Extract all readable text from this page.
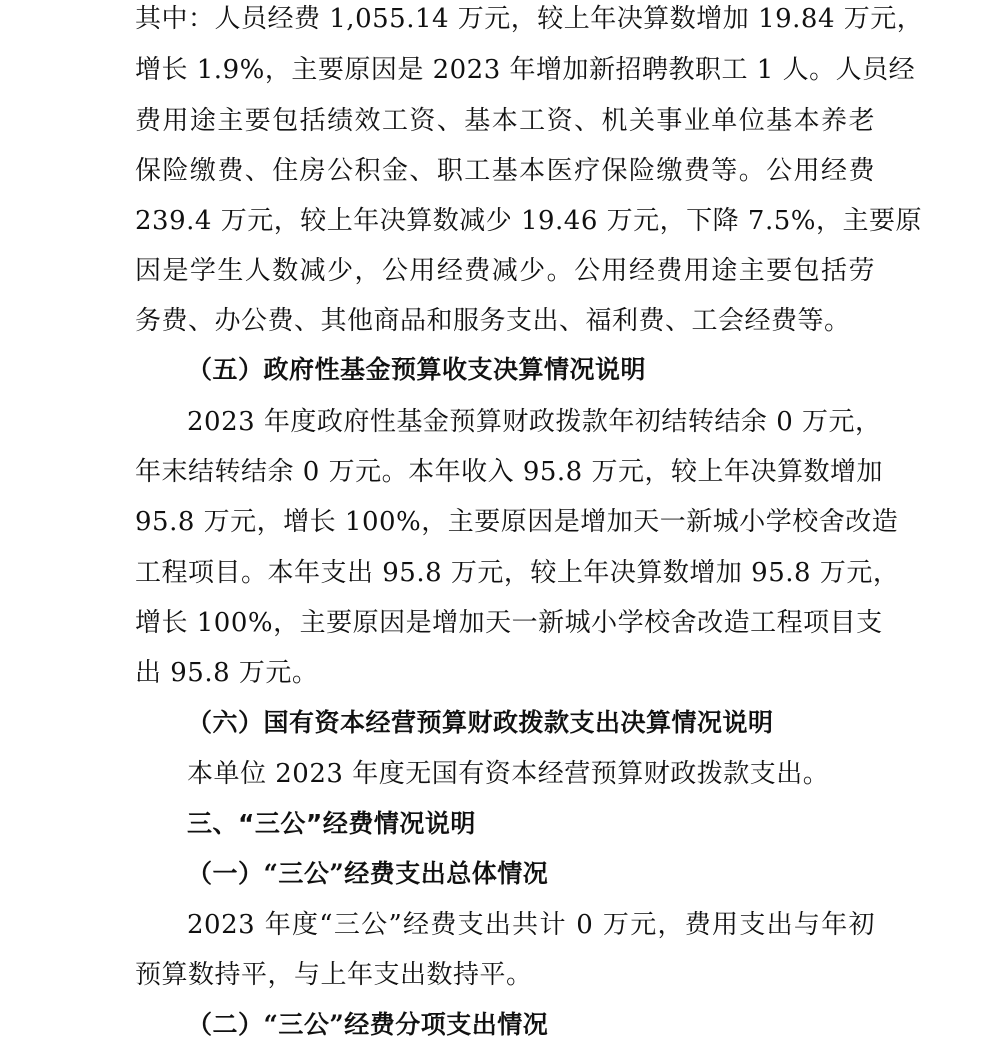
其中：人员经费 1,055.14 万元，较上年决算数增加 19.84 万元，
增长 1.9%，主要原因是 2023 年增加新招聘教职工 1 人。人员经
费用途主要包括绩效工资、基本工资、机关事业单位基本养老
保险缴费、住房公积金、职工基本医疗保险缴费等。公用经费
239.4 万元，较上年决算数减少 19.46 万元，下降 7.5%，主要原
因是学生人数减少，公用经费减少。公用经费用途主要包括劳
务费、办公费、其他商品和服务支出、福利费、工会经费等。
（五）政府性基金预算收支决算情况说明
2023 年度政府性基金预算财政拨款年初结转结余 0 万元，
年末结转结余 0 万元。本年收入 95.8 万元，较上年决算数增加
95.8 万元，增长 100%，主要原因是增加天一新城小学校舍改造
工程项目。本年支出 95.8 万元，较上年决算数增加 95.8 万元，
增长 100%，主要原因是增加天一新城小学校舍改造工程项目支
出 95.8 万元。
（六）国有资本经营预算财政拨款支出决算情况说明
本单位 2023 年度无国有资本经营预算财政拨款支出。
三、“三公”经费情况说明
（一）“三公”经费支出总体情况
2023 年度“三公”经费支出共计 0 万元，费用支出与年初
预算数持平，与上年支出数持平。
（二）“三公”经费分项支出情况
